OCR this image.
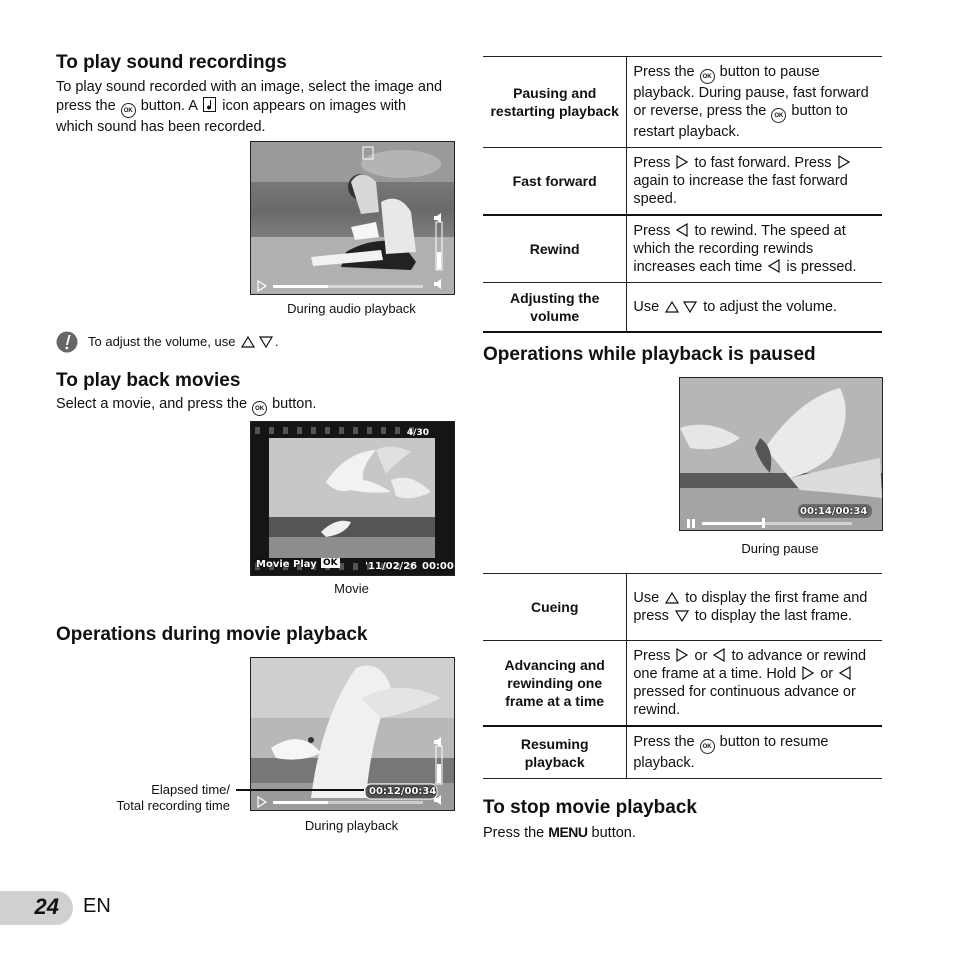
To play sound recordings
To play sound recorded with an image, select the image and press the OK button. A icon appears on images with which sound has been recorded.
During audio playback
To adjust the volume, use	.
To play back movies
Select a movie, and press the OK button.
4/30
Movie Play OK	'11/02/26 00:00
Movie
Operations during movie playback
00:12/00:34
Elapsed time/
Total recording time
During playback
Pausing and restarting playback	Press the OK button to pause playback. During pause, fast forward or reverse, press the OK button to restart playback.
Fast forward	Press to fast forward. Press  again to increase the fast forward speed.
Rewind	Press to rewind. The speed at which the recording rewinds increases each time is pressed.
Adjusting the volume	Use to adjust the volume.
Operations while playback is paused
00:14/00:34
During pause
Cueing	Use to display the first frame and press to display the last frame.
Advancing and rewinding one frame at a time	Press or to advance or rewind one frame at a time. Hold or  pressed for continuous advance or rewind.
Resuming playback	Press the OK button to resume playback.
To stop movie playback
Press the MENU button.
24 EN
